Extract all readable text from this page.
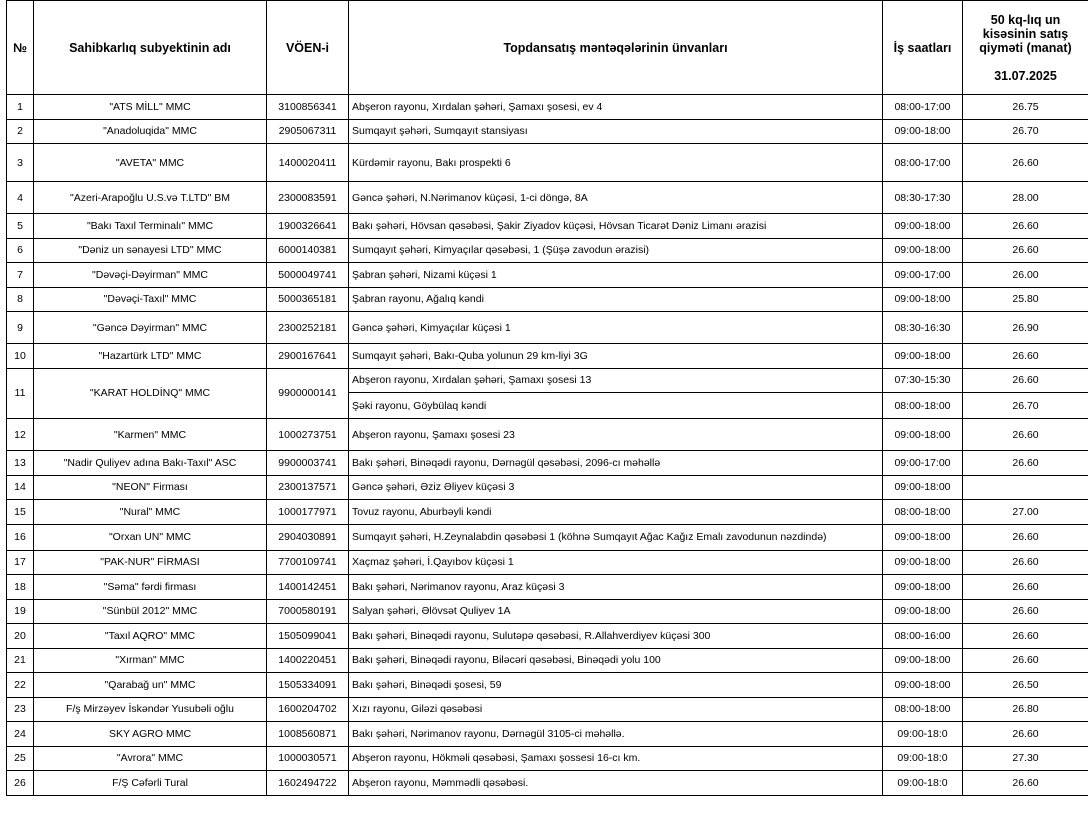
№	Sahibkarlıq subyektinin adı	VÖEN-i	Topdansatış məntəqələrinin ünvanları	İş saatları	50 kq-lıq un kisəsinin satış qiyməti (manat)
31.07.2025

1	"ATS MİLL" MMC	3100856341	Abşeron rayonu, Xırdalan şəhəri, Şamaxı şosesi, ev 4	08:00-17:00	26.75
2	"Anadoluqida" MMC	2905067311	Sumqayıt şəhəri, Sumqayıt stansiyası	09:00-18:00	26.70
3	"AVETA" MMC	1400020411	Kürdəmir rayonu, Bakı prospekti 6	08:00-17:00	26.60
4	"Azeri-Arapoğlu U.S.və T.LTD" BM	2300083591	Gəncə şəhəri, N.Nərimanov küçəsi, 1-ci döngə, 8A	08:30-17:30	28.00
5	"Bakı Taxıl Terminalı" MMC	1900326641	Bakı şəhəri, Hövsan qəsəbəsi, Şakir Ziyadov küçəsi, Hövsan Ticarət Dəniz Limanı ərazisi	09:00-18:00	26.60
6	"Dəniz un sənayesi LTD" MMC	6000140381	Sumqayıt şəhəri, Kimyaçılar qəsəbəsi, 1 (Şüşə zavodun ərazisi)	09:00-18:00	26.60
7	"Dəvəçi-Dəyirman" MMC	5000049741	Şabran şəhəri, Nizami küçəsi 1	09:00-17:00	26.00
8	"Dəvəçi-Taxıl" MMC	5000365181	Şabran rayonu, Ağalıq kəndi	09:00-18:00	25.80
9	"Gəncə Dəyirman" MMC	2300252181	Gəncə şəhəri, Kimyaçılar küçəsi 1	08:30-16:30	26.90
10	"Hazartürk LTD" MMC	2900167641	Sumqayıt şəhəri, Bakı-Quba yolunun 29 km-liyi 3G	09:00-18:00	26.60
11	"KARAT HOLDİNQ" MMC	9900000141	Abşeron rayonu, Xırdalan şəhəri, Şamaxı şosesi 13	07:30-15:30	26.60
			Şəki rayonu, Göybülaq kəndi	08:00-18:00	26.70
12	"Karmen" MMC	1000273751	Abşeron rayonu, Şamaxı şosesi 23	09:00-18:00	26.60
13	"Nadir Quliyev adına Bakı-Taxıl" ASC	9900003741	Bakı şəhəri, Binəqədi rayonu, Dərnəgül qəsəbəsi, 2096-cı məhəllə	09:00-17:00	26.60
14	"NEON" Firması	2300137571	Gəncə şəhəri, Əziz Əliyev küçəsi 3	09:00-18:00	
15	"Nural" MMC	1000177971	Tovuz rayonu, Aburbəyli kəndi	08:00-18:00	27.00
16	"Orxan UN" MMC	2904030891	Sumqayıt şəhəri, H.Zeynalabdin qəsəbəsi 1 (köhnə Sumqayıt Ağac Kağız Emalı zavodunun nəzdində)	09:00-18:00	26.60
17	"PAK-NUR" FİRMASI	7700109741	Xaçmaz şəhəri, İ.Qayıbov küçəsi 1	09:00-18:00	26.60
18	"Səma" fərdi firması	1400142451	Bakı şəhəri, Nərimanov rayonu, Araz küçəsi 3	09:00-18:00	26.60
19	"Sünbül 2012" MMC	7000580191	Salyan şəhəri, Əlövsət Quliyev 1A	09:00-18:00	26.60
20	"Taxıl AQRO" MMC	1505099041	Bakı şəhəri, Binəqədi rayonu, Sulutəpə qəsəbəsi, R.Allahverdiyev küçəsi 300	08:00-16:00	26.60
21	"Xırman" MMC	1400220451	Bakı şəhəri, Binəqədi rayonu, Biləcəri qəsəbəsi, Binəqədi yolu 100	09:00-18:00	26.60
22	"Qarabağ un" MMC	1505334091	Bakı şəhəri, Binəqədi şosesi, 59	09:00-18:00	26.50
23	F/ş Mirzəyev İskəndər Yusubəli oğlu	1600204702	Xızı rayonu, Giləzi qəsəbəsi	08:00-18:00	26.80
24	SKY AGRO MMC	1008560871	Bakı şəhəri, Nərimanov rayonu, Dərnəgül 3105-ci məhəllə.	09:00-18:0	26.60
25	"Avrora" MMC	1000030571	Abşeron rayonu, Hökməli qəsəbəsi, Şamaxı şossesi 16-cı km.	09:00-18:0	27.30
26	F/Ş Cəfərli Tural	1602494722	Abşeron rayonu, Məmmədli qəsəbəsi.	09:00-18:0	26.60
